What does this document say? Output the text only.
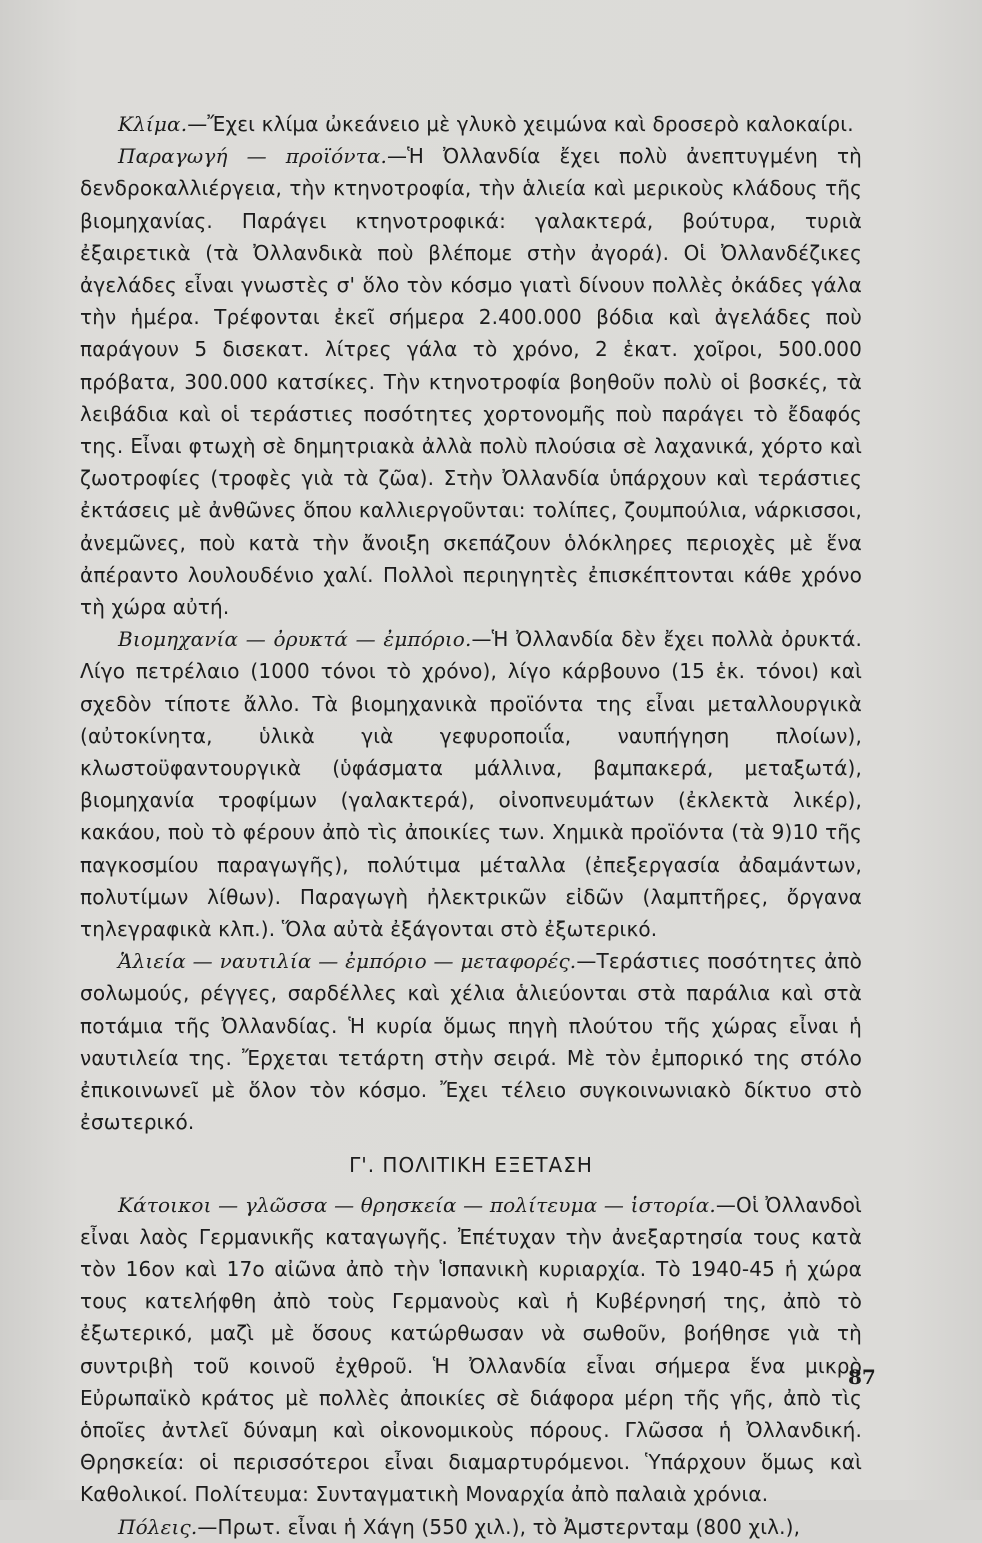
Κλίμα.—Ἔχει κλίμα ὠκεάνειο μὲ γλυκὸ χειμώνα καὶ δροσερὸ καλοκαίρι.

Παραγωγή — προϊόντα.—Ἡ Ὀλλανδία ἔχει πολὺ ἀνεπτυγμένη τὴ δενδροκαλλιέργεια, τὴν κτηνοτροφία, τὴν ἁλιεία καὶ μερικοὺς κλάδους τῆς βιομηχανίας. Παράγει κτηνοτροφικά: γαλακτερά, βούτυρα, τυριὰ ἐξαιρετικὰ (τὰ Ὀλλανδικὰ ποὺ βλέπομε στὴν ἀγορά). Οἱ Ὀλλανδέζικες ἀγελάδες εἶναι γνωστὲς σ' ὅλο τὸν κόσμο γιατὶ δίνουν πολλὲς ὀκάδες γάλα τὴν ἡμέρα. Τρέφονται ἐκεῖ σήμερα 2.400.000 βόδια καὶ ἀγελάδες ποὺ παράγουν 5 δισεκατ. λίτρες γάλα τὸ χρόνο, 2 ἑκατ. χοῖροι, 500.000 πρόβατα, 300.000 κατσίκες. Τὴν κτηνοτροφία βοηθοῦν πολὺ οἱ βοσκές, τὰ λειβάδια καὶ οἱ τεράστιες ποσότητες χορτονομῆς ποὺ παράγει τὸ ἔδαφός της. Εἶναι φτωχὴ σὲ δημητριακὰ ἀλλὰ πολὺ πλούσια σὲ λαχανικά, χόρτο καὶ ζωοτροφίες (τροφὲς γιὰ τὰ ζῶα). Στὴν Ὀλλανδία ὑπάρχουν καὶ τεράστιες ἐκτάσεις μὲ ἀνθῶνες ὅπου καλλιεργοῦνται: τολίπες, ζουμπούλια, νάρκισσοι, ἀνεμῶνες, ποὺ κατὰ τὴν ἄνοιξη σκεπάζουν ὁλόκληρες περιοχὲς μὲ ἕνα ἀπέραντο λουλουδένιο χαλί. Πολλοὶ περιηγητὲς ἐπισκέπτονται κάθε χρόνο τὴ χώρα αὐτή.

Βιομηχανία — ὀρυκτά — ἐμπόριο.—Ἡ Ὀλλανδία δὲν ἔχει πολλὰ ὀρυκτά. Λίγο πετρέλαιο (1000 τόνοι τὸ χρόνο), λίγο κάρβουνο (15 ἑκ. τόνοι) καὶ σχεδὸν τίποτε ἄλλο. Τὰ βιομηχανικὰ προϊόντα της εἶναι μεταλλουργικὰ (αὐτοκίνητα, ὑλικὰ γιὰ γεφυροποιΐα, ναυπήγηση πλοίων), κλωστοϋφαντουργικὰ (ὑφάσματα μάλλινα, βαμπακερά, μεταξωτά), βιομηχανία τροφίμων (γαλακτερά), οἰνοπνευμάτων (ἐκλεκτὰ λικέρ), κακάου, ποὺ τὸ φέρουν ἀπὸ τὶς ἀποικίες των. Χημικὰ προϊόντα (τὰ 9)10 τῆς παγκοσμίου παραγωγῆς), πολύτιμα μέταλλα (ἐπεξεργασία ἀδαμάντων, πολυτίμων λίθων). Παραγωγὴ ἠλεκτρικῶν εἰδῶν (λαμπτῆρες, ὄργανα τηλεγραφικὰ κλπ.). Ὅλα αὐτὰ ἐξάγονται στὸ ἐξωτερικό.

Ἁλιεία — ναυτιλία — ἐμπόριο — μεταφορές.—Τεράστιες ποσότητες ἀπὸ σολωμούς, ρέγγες, σαρδέλλες καὶ χέλια ἁλιεύονται στὰ παράλια καὶ στὰ ποτάμια τῆς Ὀλλανδίας. Ἡ κυρία ὅμως πηγὴ πλούτου τῆς χώρας εἶναι ἡ ναυτιλεία της. Ἔρχεται τετάρτη στὴν σειρά. Μὲ τὸν ἐμπορικό της στόλο ἐπικοινωνεῖ μὲ ὅλον τὸν κόσμο. Ἔχει τέλειο συγκοινωνιακὸ δίκτυο στὸ ἐσωτερικό.

Γ'. ΠΟΛΙΤΙΚΗ ΕΞΕΤΑΣΗ

Κάτοικοι — γλῶσσα — θρησκεία — πολίτευμα — ἱστορία.—Οἱ Ὀλλανδοὶ εἶναι λαὸς Γερμανικῆς καταγωγῆς. Ἐπέτυχαν τὴν ἀνεξαρτησία τους κατὰ τὸν 16ον καὶ 17ο αἰῶνα ἀπὸ τὴν Ἱσπανικὴ κυριαρχία. Τὸ 1940-45 ἡ χώρα τους κατελήφθη ἀπὸ τοὺς Γερμανοὺς καὶ ἡ Κυβέρνησή της, ἀπὸ τὸ ἐξωτερικό, μαζὶ μὲ ὅσους κατώρθωσαν νὰ σωθοῦν, βοήθησε γιὰ τὴ συντριβὴ τοῦ κοινοῦ ἐχθροῦ. Ἡ Ὀλλανδία εἶναι σήμερα ἕνα μικρὸ Εὐρωπαϊκὸ κράτος μὲ πολλὲς ἀποικίες σὲ διάφορα μέρη τῆς γῆς, ἀπὸ τὶς ὁποῖες ἀντλεῖ δύναμη καὶ οἰκονομικοὺς πόρους. Γλῶσσα ἡ Ὀλλανδική. Θρησκεία: οἱ περισσότεροι εἶναι διαμαρτυρόμενοι. Ὑπάρχουν ὅμως καὶ Καθολικοί. Πολίτευμα: Συνταγματικὴ Μοναρχία ἀπὸ παλαιὰ χρόνια.

Πόλεις.—Πρωτ. εἶναι ἡ Χάγη (550 χιλ.), τὸ Ἀμστερνταμ (800 χιλ.),

87
